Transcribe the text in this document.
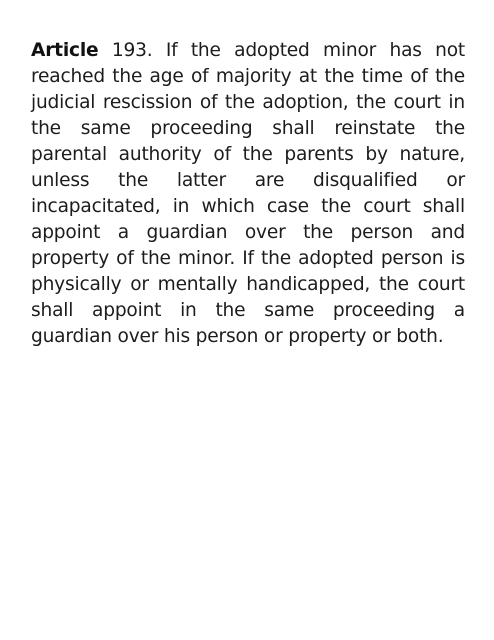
Article 193. If the adopted minor has not reached the age of majority at the time of the judicial rescission of the adoption, the court in the same proceeding shall reinstate the parental authority of the parents by nature, unless the latter are disqualified or incapacitated, in which case the court shall appoint a guardian over the person and property of the minor. If the adopted person is physically or mentally handicapped, the court shall appoint in the same proceeding a guardian over his person or property or both.
